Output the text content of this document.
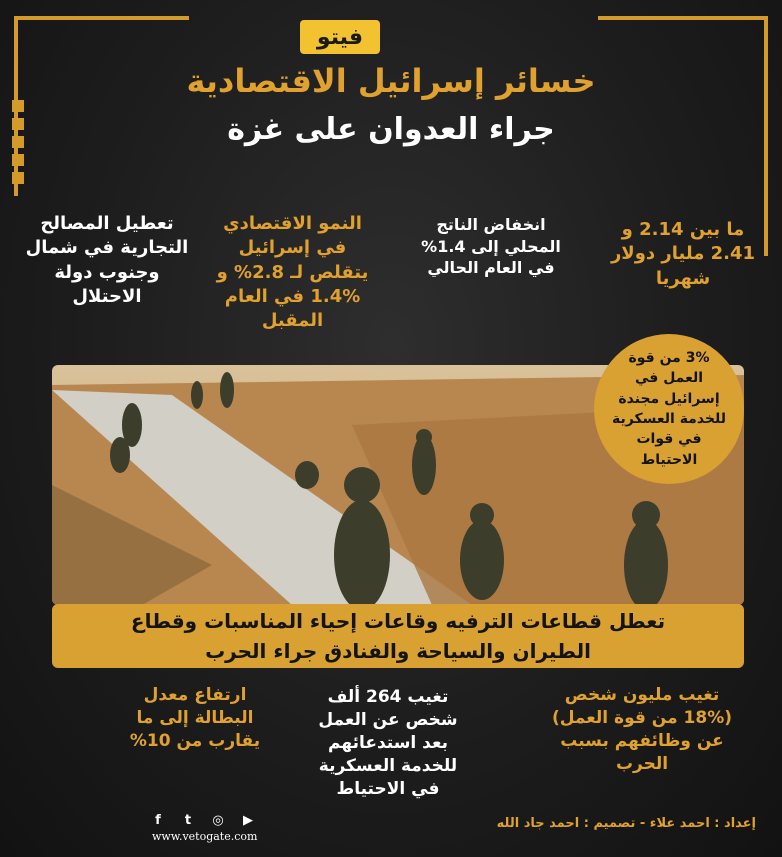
فيتو
خسائر إسرائيل الاقتصادية
جراء العدوان على غزة
ما بين 2.14 و
2.41 مليار دولار
شهريا
انخفاض الناتج
المحلي إلى 1.4%
في العام الحالي
النمو الاقتصادي
في إسرائيل
يتقلص لـ 2.8% و
1.4% في العام
المقبل
تعطيل المصالح
التجارية في شمال
وجنوب دولة
الاحتلال
3% من قوة
العمل في
إسرائيل مجندة
للخدمة العسكرية
في قوات
الاحتياط
تعطل قطاعات الترفيه وقاعات إحياء المناسبات وقطاع
الطيران والسياحة والفنادق جراء الحرب
تغيب مليون شخص
(18% من قوة العمل)
عن وظائفهم بسبب
الحرب
تغيب 264 ألف
شخص عن العمل
بعد استدعائهم
للخدمة العسكرية
في الاحتياط
ارتفاع معدل
البطالة إلى ما
يقارب من 10%
f	t	◎ ▶
www.vetogate.com
إعداد : احمد علاء - تصميم : احمد جاد الله
